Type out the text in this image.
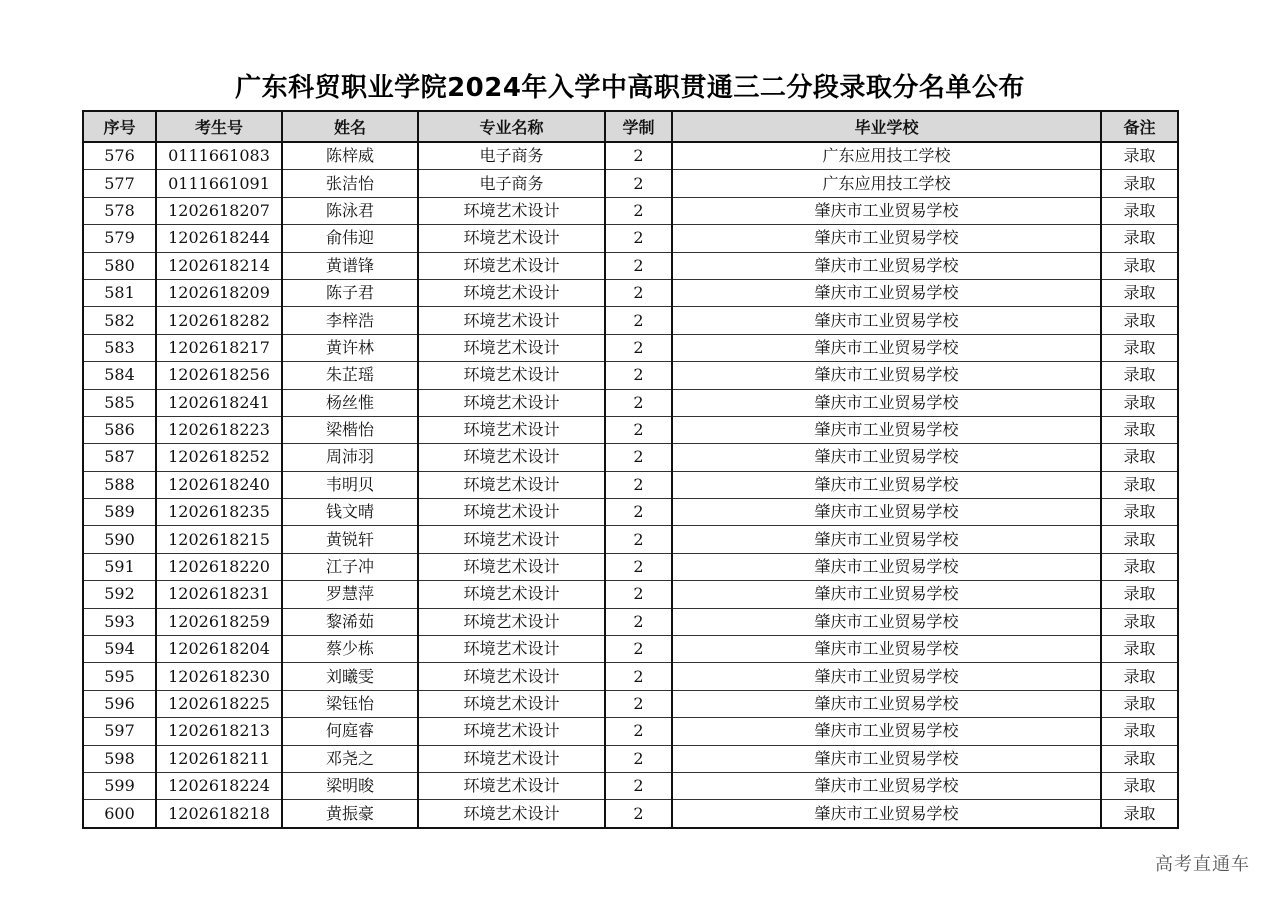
广东科贸职业学院2024年入学中高职贯通三二分段录取分名单公布
序号	考生号	姓名	专业名称	学制	毕业学校	备注
576	0111661083	陈梓威	电子商务	2	广东应用技工学校	录取
577	0111661091	张洁怡	电子商务	2	广东应用技工学校	录取
578	1202618207	陈泳君	环境艺术设计	2	肇庆市工业贸易学校	录取
579	1202618244	俞伟迎	环境艺术设计	2	肇庆市工业贸易学校	录取
580	1202618214	黄谱锋	环境艺术设计	2	肇庆市工业贸易学校	录取
581	1202618209	陈子君	环境艺术设计	2	肇庆市工业贸易学校	录取
582	1202618282	李梓浩	环境艺术设计	2	肇庆市工业贸易学校	录取
583	1202618217	黄许林	环境艺术设计	2	肇庆市工业贸易学校	录取
584	1202618256	朱芷瑶	环境艺术设计	2	肇庆市工业贸易学校	录取
585	1202618241	杨丝惟	环境艺术设计	2	肇庆市工业贸易学校	录取
586	1202618223	梁楷怡	环境艺术设计	2	肇庆市工业贸易学校	录取
587	1202618252	周沛羽	环境艺术设计	2	肇庆市工业贸易学校	录取
588	1202618240	韦明贝	环境艺术设计	2	肇庆市工业贸易学校	录取
589	1202618235	钱文晴	环境艺术设计	2	肇庆市工业贸易学校	录取
590	1202618215	黄锐轩	环境艺术设计	2	肇庆市工业贸易学校	录取
591	1202618220	江子冲	环境艺术设计	2	肇庆市工业贸易学校	录取
592	1202618231	罗慧萍	环境艺术设计	2	肇庆市工业贸易学校	录取
593	1202618259	黎浠茹	环境艺术设计	2	肇庆市工业贸易学校	录取
594	1202618204	蔡少栋	环境艺术设计	2	肇庆市工业贸易学校	录取
595	1202618230	刘曦雯	环境艺术设计	2	肇庆市工业贸易学校	录取
596	1202618225	梁钰怡	环境艺术设计	2	肇庆市工业贸易学校	录取
597	1202618213	何庭睿	环境艺术设计	2	肇庆市工业贸易学校	录取
598	1202618211	邓尧之	环境艺术设计	2	肇庆市工业贸易学校	录取
599	1202618224	梁明晙	环境艺术设计	2	肇庆市工业贸易学校	录取
600	1202618218	黄振豪	环境艺术设计	2	肇庆市工业贸易学校	录取
高考直通车
